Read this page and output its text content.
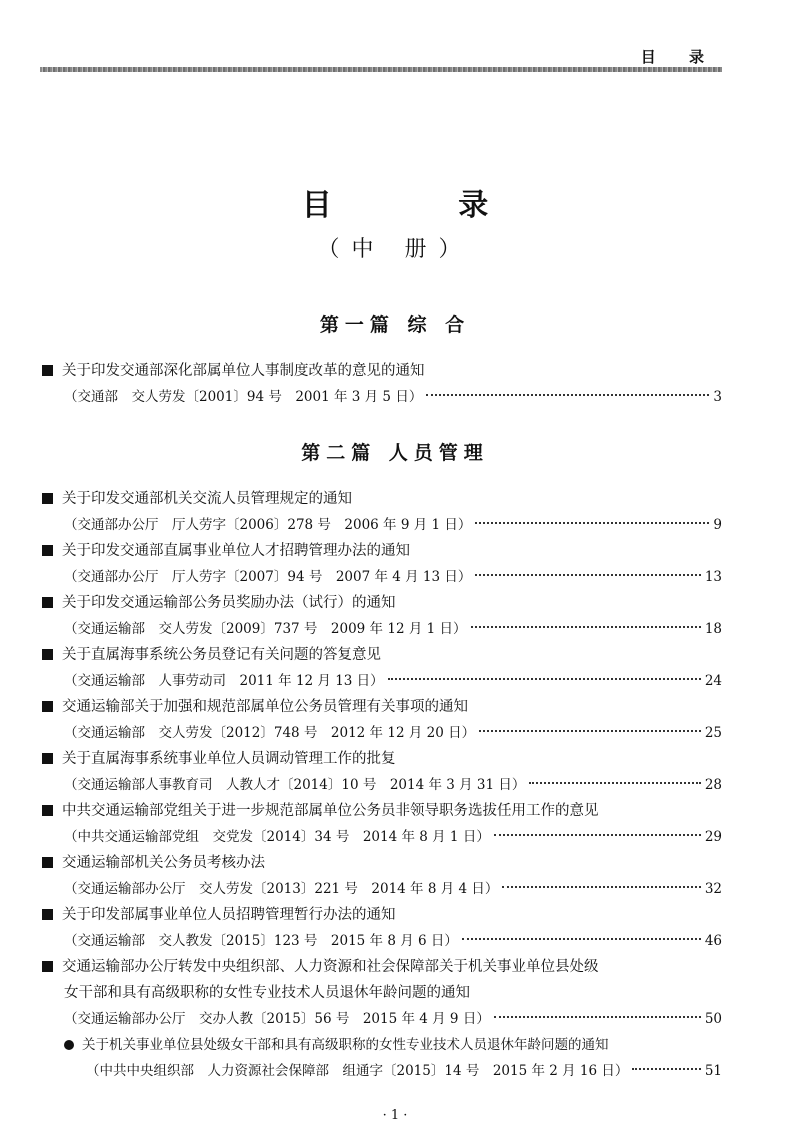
目 录
目 录
（中 册）
第一篇 综 合
关于印发交通部深化部属单位人事制度改革的意见的通知
（交通部　交人劳发〔2001〕94 号　2001 年 3 月 5 日）	3
第二篇 人员管理
关于印发交通部机关交流人员管理规定的通知
（交通部办公厅　厅人劳字〔2006〕278 号　2006 年 9 月 1 日）	9
关于印发交通部直属事业单位人才招聘管理办法的通知
（交通部办公厅　厅人劳字〔2007〕94 号　2007 年 4 月 13 日）	13
关于印发交通运输部公务员奖励办法（试行）的通知
（交通运输部　交人劳发〔2009〕737 号　2009 年 12 月 1 日）	18
关于直属海事系统公务员登记有关问题的答复意见
（交通运输部　人事劳动司　2011 年 12 月 13 日）	24
交通运输部关于加强和规范部属单位公务员管理有关事项的通知
（交通运输部　交人劳发〔2012〕748 号　2012 年 12 月 20 日）	25
关于直属海事系统事业单位人员调动管理工作的批复
（交通运输部人事教育司　人教人才〔2014〕10 号　2014 年 3 月 31 日）	28
中共交通运输部党组关于进一步规范部属单位公务员非领导职务选拔任用工作的意见
（中共交通运输部党组　交党发〔2014〕34 号　2014 年 8 月 1 日）	29
交通运输部机关公务员考核办法
（交通运输部办公厅　交人劳发〔2013〕221 号　2014 年 8 月 4 日）	32
关于印发部属事业单位人员招聘管理暂行办法的通知
（交通运输部　交人教发〔2015〕123 号　2015 年 8 月 6 日）	46
交通运输部办公厅转发中央组织部、人力资源和社会保障部关于机关事业单位县处级
女干部和具有高级职称的女性专业技术人员退休年龄问题的通知
（交通运输部办公厅　交办人教〔2015〕56 号　2015 年 4 月 9 日）	50
关于机关事业单位县处级女干部和具有高级职称的女性专业技术人员退休年龄问题的通知
（中共中央组织部　人力资源社会保障部　组通字〔2015〕14 号　2015 年 2 月 16 日）	51
· 1 ·
